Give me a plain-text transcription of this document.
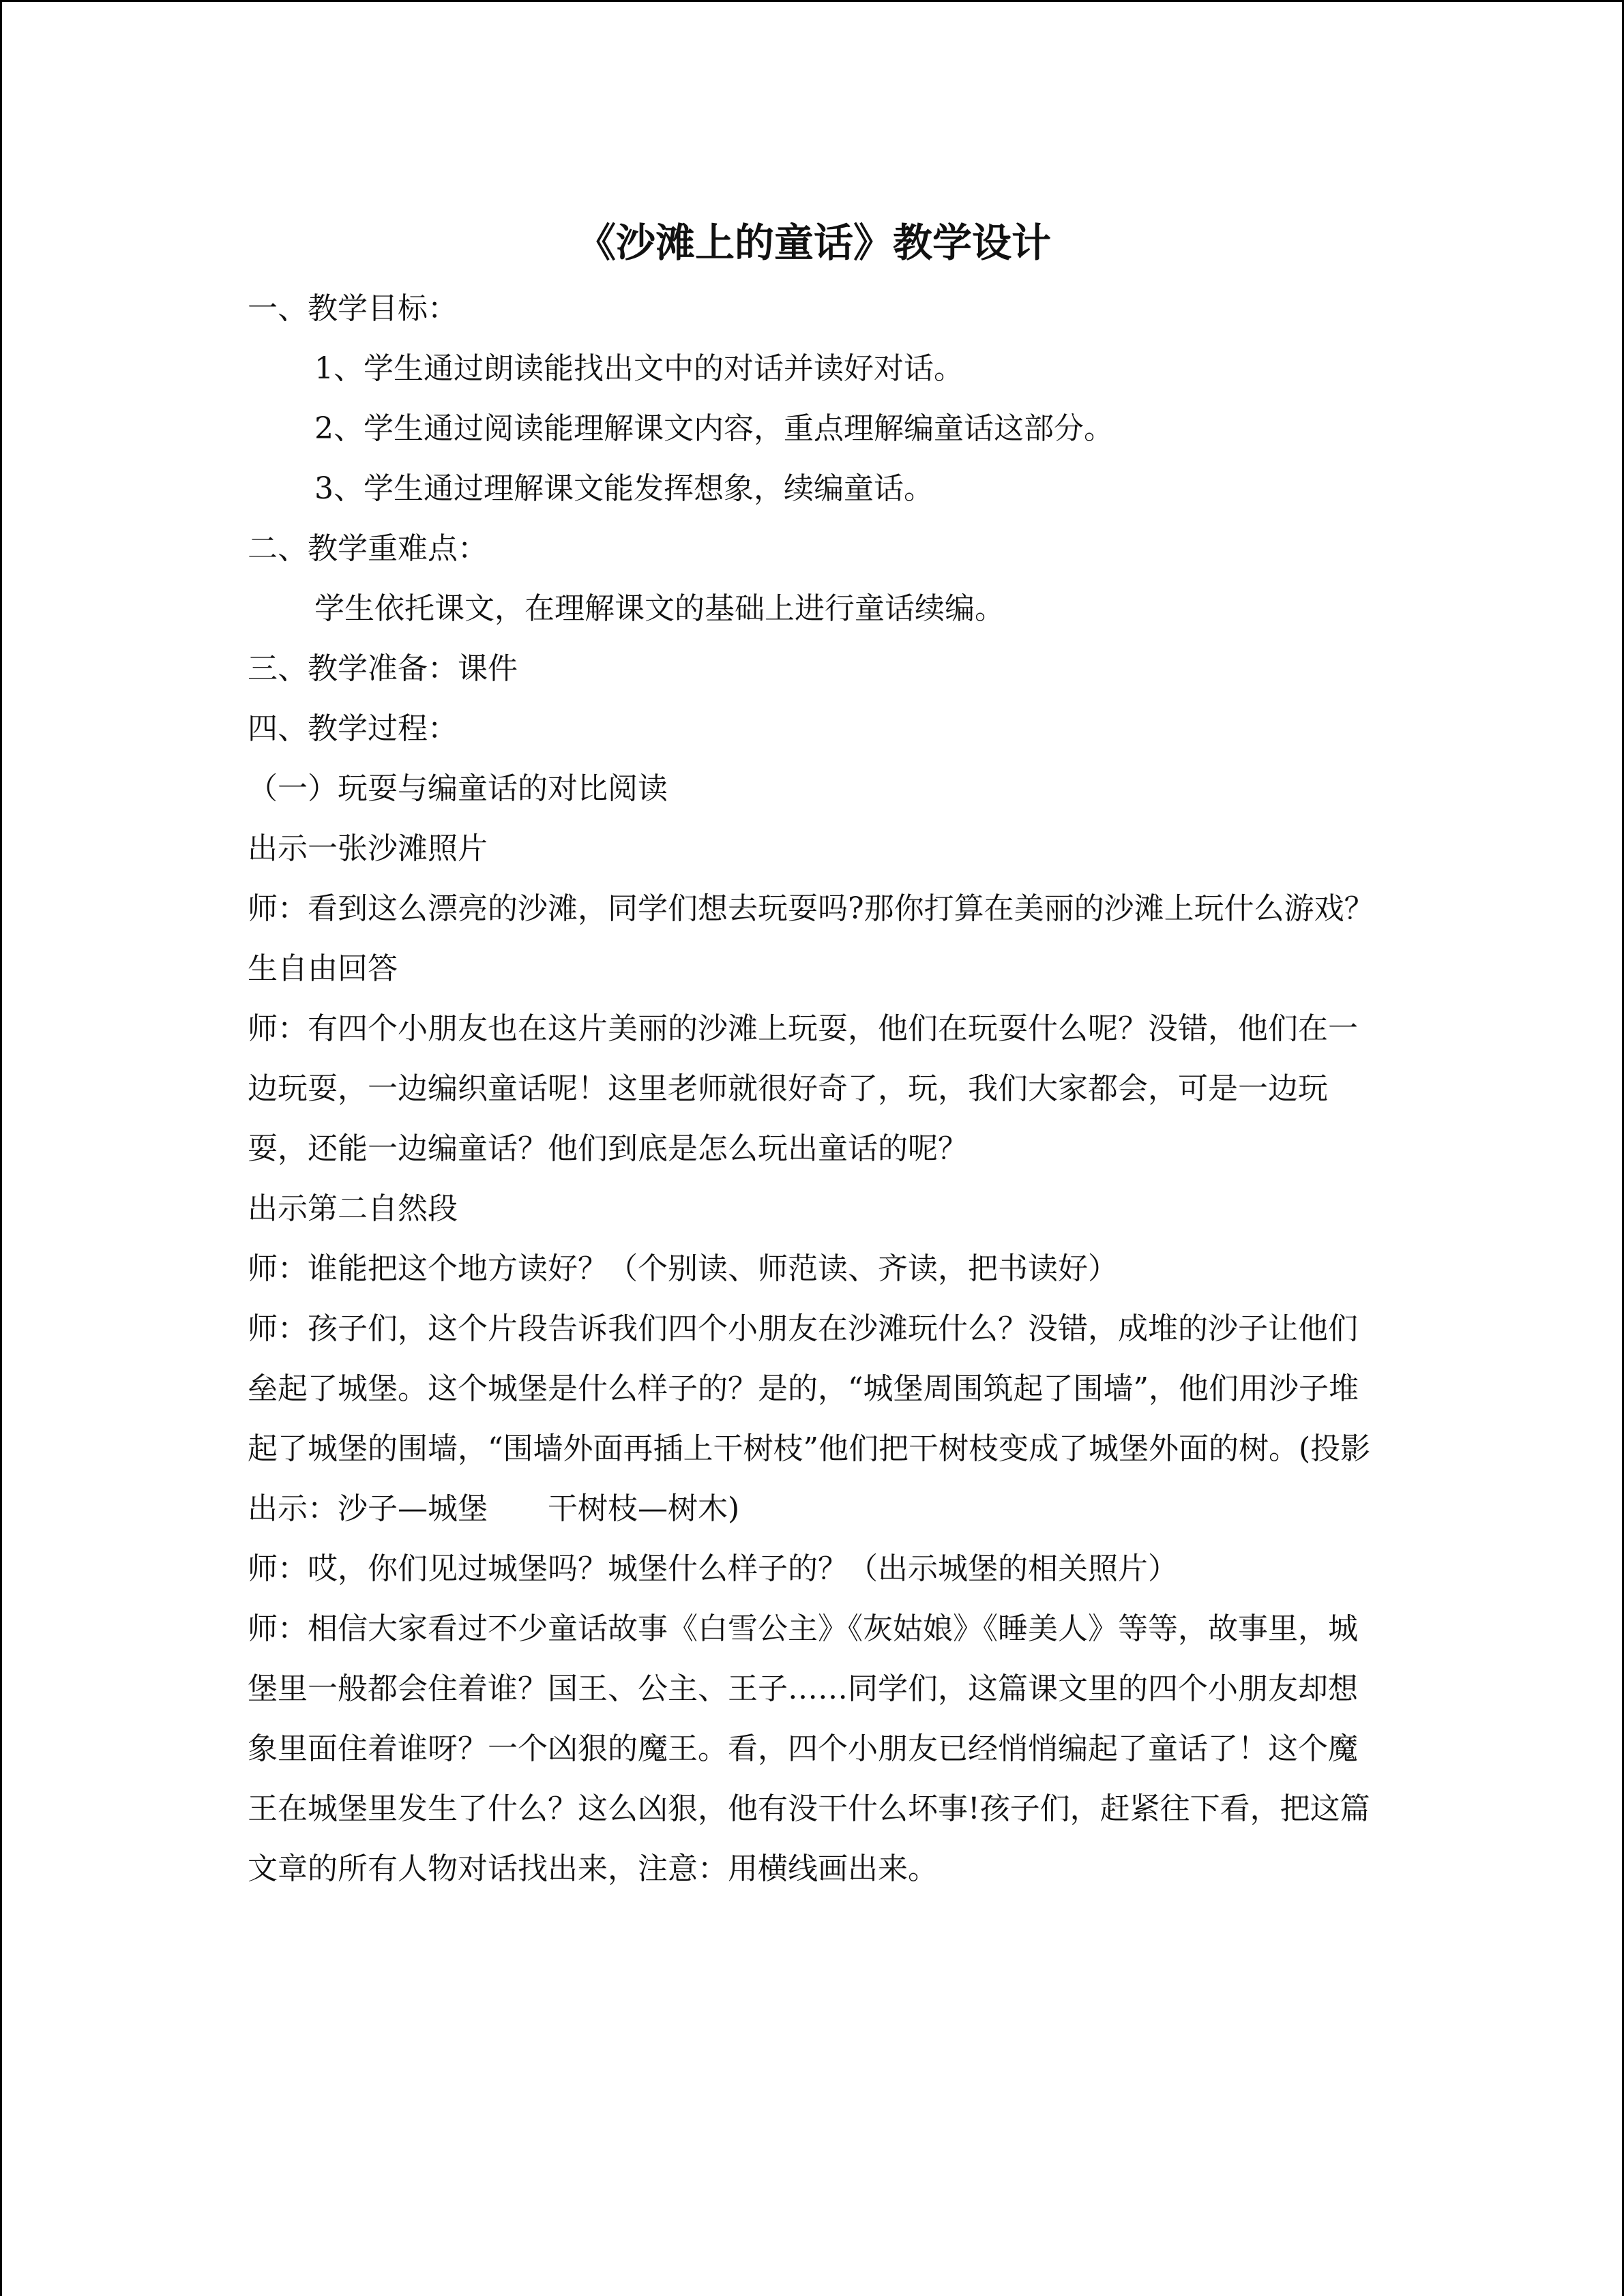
《沙滩上的童话》教学设计

一、教学目标：

1、学生通过朗读能找出文中的对话并读好对话。

2、学生通过阅读能理解课文内容，重点理解编童话这部分。

3、学生通过理解课文能发挥想象，续编童话。

二、教学重难点：

学生依托课文，在理解课文的基础上进行童话续编。

三、教学准备：课件

四、教学过程：

（一）玩耍与编童话的对比阅读

出示一张沙滩照片

师：看到这么漂亮的沙滩，同学们想去玩耍吗?那你打算在美丽的沙滩上玩什么游戏？

生自由回答

师：有四个小朋友也在这片美丽的沙滩上玩耍，他们在玩耍什么呢？没错，他们在一边玩耍，一边编织童话呢！这里老师就很好奇了，玩，我们大家都会，可是一边玩耍，还能一边编童话？他们到底是怎么玩出童话的呢？

出示第二自然段

师：谁能把这个地方读好？（个别读、师范读、齐读，把书读好）

师：孩子们，这个片段告诉我们四个小朋友在沙滩玩什么？没错，成堆的沙子让他们垒起了城堡。这个城堡是什么样子的？是的，“城堡周围筑起了围墙”，他们用沙子堆起了城堡的围墙，“围墙外面再插上干树枝”他们把干树枝变成了城堡外面的树。(投影出示：沙子—城堡　　干树枝—树木)

师：哎，你们见过城堡吗？城堡什么样子的？（出示城堡的相关照片）

师：相信大家看过不少童话故事《白雪公主》《灰姑娘》《睡美人》等等，故事里，城堡里一般都会住着谁？国王、公主、王子……同学们，这篇课文里的四个小朋友却想象里面住着谁呀？一个凶狠的魔王。看，四个小朋友已经悄悄编起了童话了！这个魔王在城堡里发生了什么？这么凶狠，他有没干什么坏事!孩子们，赶紧往下看，把这篇文章的所有人物对话找出来，注意：用横线画出来。
